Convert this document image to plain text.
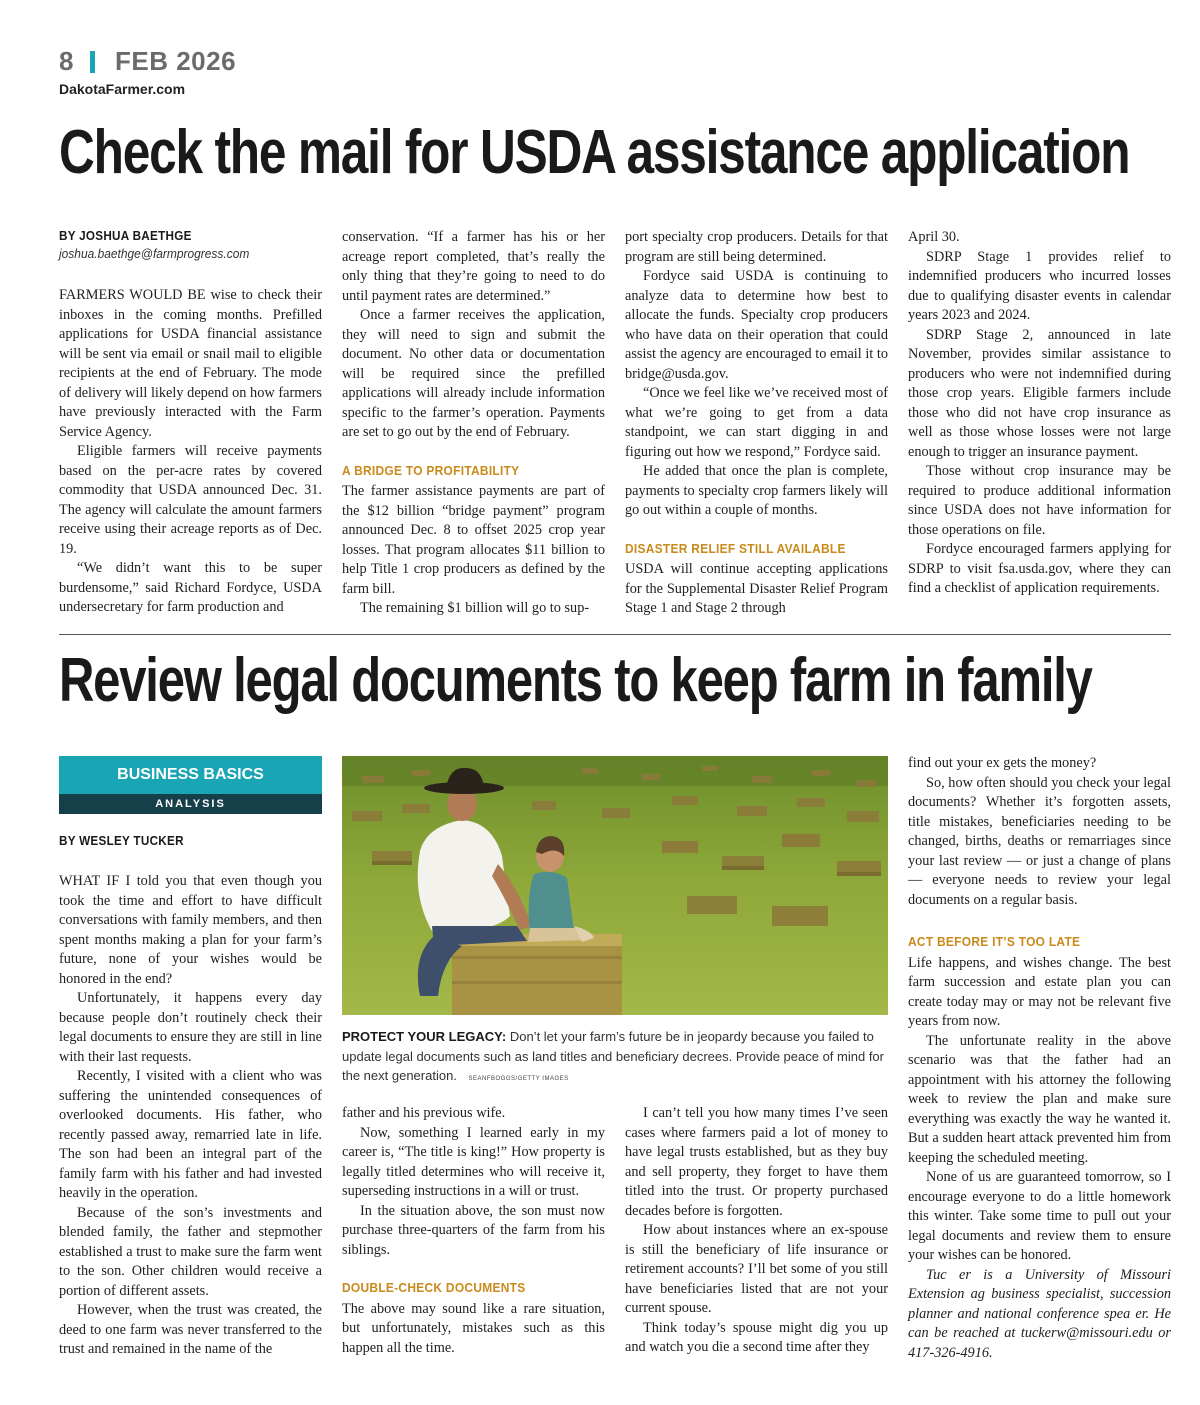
8 FEB 2026
DakotaFarmer.com
Check the mail for USDA assistance application
BY JOSHUA BAETHGE
joshua.baethge@farmprogress.com

FARMERS WOULD BE wise to check their inboxes in the coming months. Prefilled applications for USDA financial assistance will be sent via email or snail mail to eligible recipients at the end of February. The mode of delivery will likely depend on how farmers have previously interacted with the Farm Service Agency.

Eligible farmers will receive payments based on the per-acre rates by covered commodity that USDA announced Dec. 31. The agency will calculate the amount farmers receive using their acreage reports as of Dec. 19.

“We didn’t want this to be super burdensome,” said Richard Fordyce, USDA undersecretary for farm production and

conservation. “If a farmer has his or her acreage report completed, that’s really the only thing that they’re going to need to do until payment rates are determined.”

Once a farmer receives the application, they will need to sign and submit the document. No other data or documentation will be required since the prefilled applications will already include information specific to the farmer’s operation. Payments are set to go out by the end of February.

A BRIDGE TO PROFITABILITY

The farmer assistance payments are part of the $12 billion “bridge payment” program announced Dec. 8 to offset 2025 crop year losses. That program allocates $11 billion to help Title 1 crop producers as defined by the farm bill.

The remaining $1 billion will go to sup-

port specialty crop producers. Details for that program are still being determined.

Fordyce said USDA is continuing to analyze data to determine how best to allocate the funds. Specialty crop producers who have data on their operation that could assist the agency are encouraged to email it to bridge@usda.gov.

“Once we feel like we’ve received most of what we’re going to get from a data standpoint, we can start digging in and figuring out how we respond,” Fordyce said.

He added that once the plan is complete, payments to specialty crop farmers likely will go out within a couple of months.

DISASTER RELIEF STILL AVAILABLE

USDA will continue accepting applications for the Supplemental Disaster Relief Program Stage 1 and Stage 2 through

April 30.

SDRP Stage 1 provides relief to indemnified producers who incurred losses due to qualifying disaster events in calendar years 2023 and 2024.

SDRP Stage 2, announced in late November, provides similar assistance to producers who were not indemnified during those crop years. Eligible farmers include those who did not have crop insurance as well as those whose losses were not large enough to trigger an insurance payment.

Those without crop insurance may be required to produce additional information since USDA does not have information for those operations on file.

Fordyce encouraged farmers applying for SDRP to visit fsa.usda.gov, where they can find a checklist of application requirements.

Review legal documents to keep farm in family
BUSINESS BASICS
ANALYSIS
BY WESLEY TUCKER

WHAT IF I told you that even though you took the time and effort to have difficult conversations with family members, and then spent months making a plan for your farm’s future, none of your wishes would be honored in the end?

Unfortunately, it happens every day because people don’t routinely check their legal documents to ensure they are still in line with their last requests.

Recently, I visited with a client who was suffering the unintended consequences of overlooked documents. His father, who recently passed away, remarried late in life. The son had been an integral part of the family farm with his father and had invested heavily in the operation.

Because of the son’s investments and blended family, the father and stepmother established a trust to make sure the farm went to the son. Other children would receive a portion of different assets.

However, when the trust was created, the deed to one farm was never transferred to the trust and remained in the name of the

PROTECT YOUR LEGACY: Don’t let your farm’s future be in jeopardy because you failed to update legal documents such as land titles and beneficiary decrees. Provide peace of mind for the next generation. SEANFBOGGS/GETTY IMAGES

father and his previous wife.

Now, something I learned early in my career is, “The title is king!” How property is legally titled determines who will receive it, superseding instructions in a will or trust.

In the situation above, the son must now purchase three-quarters of the farm from his siblings.

DOUBLE-CHECK DOCUMENTS

The above may sound like a rare situation, but unfortunately, mistakes such as this happen all the time.

I can’t tell you how many times I’ve seen cases where farmers paid a lot of money to have legal trusts established, but as they buy and sell property, they forget to have them titled into the trust. Or property purchased decades before is forgotten.

How about instances where an ex-spouse is still the beneficiary of life insurance or retirement accounts? I’ll bet some of you still have beneficiaries listed that are not your current spouse.

Think today’s spouse might dig you up and watch you die a second time after they

find out your ex gets the money?

So, how often should you check your legal documents? Whether it’s forgotten assets, title mistakes, beneficiaries needing to be changed, births, deaths or remarriages since your last review — or just a change of plans — everyone needs to review your legal documents on a regular basis.

ACT BEFORE IT’S TOO LATE

Life happens, and wishes change. The best farm succession and estate plan you can create today may or may not be relevant five years from now.

The unfortunate reality in the above scenario was that the father had an appointment with his attorney the following week to review the plan and make sure everything was exactly the way he wanted it. But a sudden heart attack prevented him from keeping the scheduled meeting.

None of us are guaranteed tomorrow, so I encourage everyone to do a little homework this winter. Take some time to pull out your legal documents and review them to ensure your wishes can be honored.

Tuc er is a University of Missouri Extension ag business specialist, succession planner and national conference spea er. He can be reached at tuckerw@missouri.edu or 417-326-4916.
